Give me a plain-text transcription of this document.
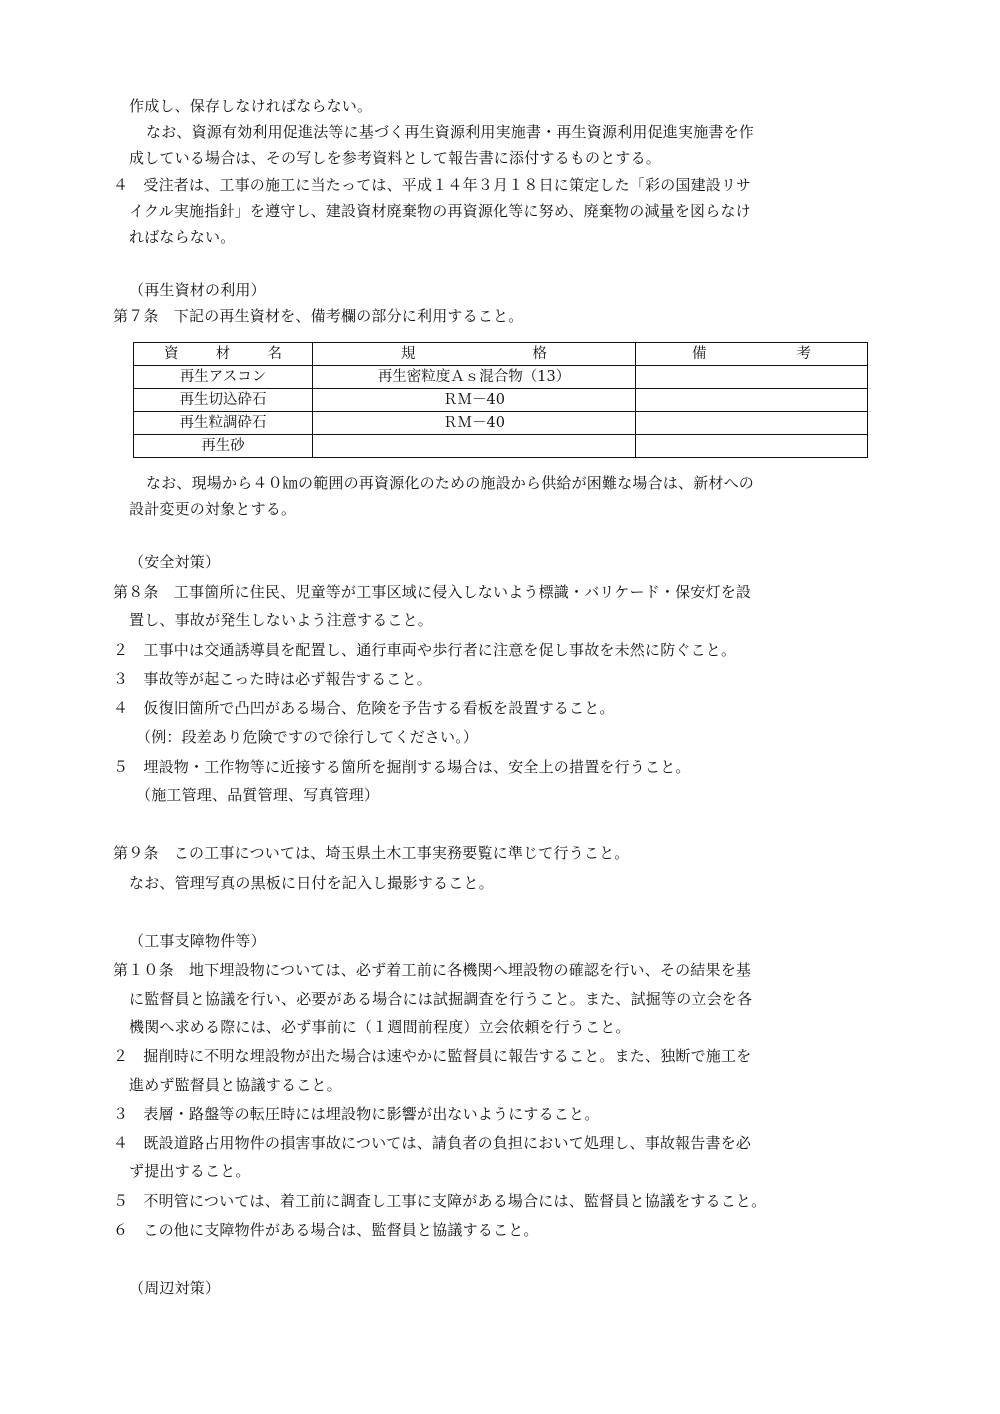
作成し、保存しなければならない。
なお、資源有効利用促進法等に基づく再生資源利用実施書・再生資源利用促進実施書を作
成している場合は、その写しを参考資料として報告書に添付するものとする。
４　受注者は、工事の施工に当たっては、平成１４年３月１８日に策定した「彩の国建設リサ
イクル実施指針」を遵守し、建設資材廃棄物の再資源化等に努め、廃棄物の減量を図らなけ
ればならない。
（再生資材の利用）
第７条　下記の再生資材を、備考欄の部分に利用すること。
資 材 名	規 格	備 考

再生アスコン	再生密粒度Ａｓ混合物（13）	
再生切込砕石	ＲＭ－40	
再生粒調砕石	ＲＭ－40	
再生砂		
なお、現場から４０㎞の範囲の再資源化のための施設から供給が困難な場合は、新材への
設計変更の対象とする。
（安全対策）
第８条　工事箇所に住民、児童等が工事区域に侵入しないよう標識・バリケード・保安灯を設
置し、事故が発生しないよう注意すること。
２　工事中は交通誘導員を配置し、通行車両や歩行者に注意を促し事故を未然に防ぐこと。
３　事故等が起こった時は必ず報告すること。
４　仮復旧箇所で凸凹がある場合、危険を予告する看板を設置すること。
（例：段差あり危険ですので徐行してください。）
５　埋設物・工作物等に近接する箇所を掘削する場合は、安全上の措置を行うこと。
（施工管理、品質管理、写真管理）
第９条　この工事については、埼玉県土木工事実務要覧に準じて行うこと。
なお、管理写真の黒板に日付を記入し撮影すること。
（工事支障物件等）
第１０条　地下埋設物については、必ず着工前に各機関へ埋設物の確認を行い、その結果を基
に監督員と協議を行い、必要がある場合には試掘調査を行うこと。また、試掘等の立会を各
機関へ求める際には、必ず事前に（１週間前程度）立会依頼を行うこと。
２　掘削時に不明な埋設物が出た場合は速やかに監督員に報告すること。また、独断で施工を
進めず監督員と協議すること。
３　表層・路盤等の転圧時には埋設物に影響が出ないようにすること。
４　既設道路占用物件の損害事故については、請負者の負担において処理し、事故報告書を必
ず提出すること。
５　不明管については、着工前に調査し工事に支障がある場合には、監督員と協議をすること。
６　この他に支障物件がある場合は、監督員と協議すること。
（周辺対策）
